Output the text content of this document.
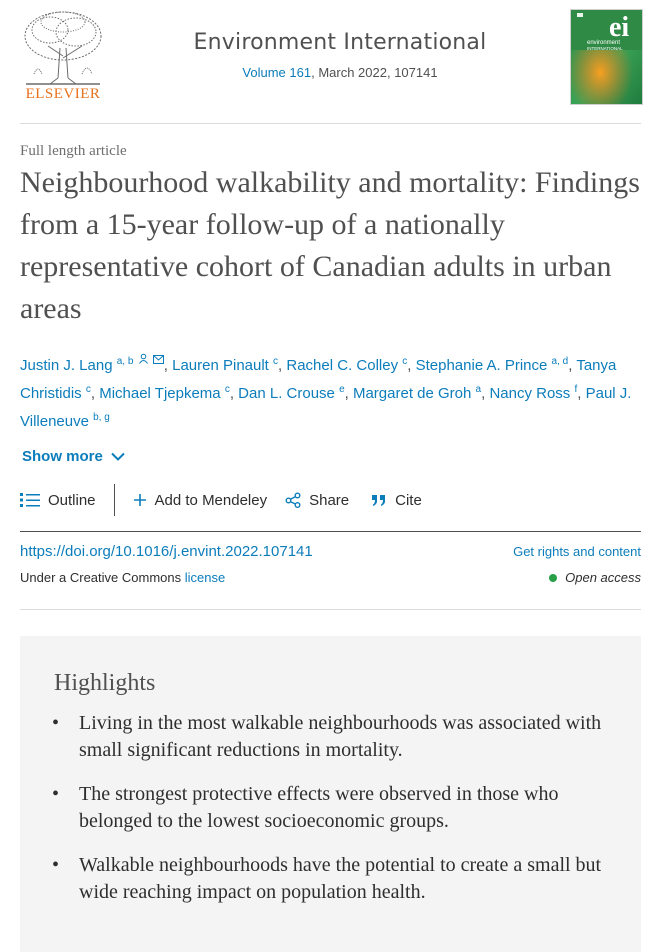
ELSEVIER
Environment International
Volume 161, March 2022, 107141
ei
environment
INTERNATIONAL
Full length article
Neighbourhood walkability and mortality: Findings from a 15-year follow-up of a nationally representative cohort of Canadian adults in urban areas
Justin J. Lang $^{a, b}$ , Lauren Pinault $^c$, Rachel C. Colley $^c$, Stephanie A. Prince $^{a, d}$, Tanya Christidis $^c$, Michael Tjepkema $^c$, Dan L. Crouse $^e$, Margaret de Groh $^a$, Nancy Ross $^f$, Paul J. Villeneuve $^{b, g}$
Show more
Outline	Add to Mendeley	Share	Cite
https://doi.org/10.1016/j.envint.2022.107141	Get rights and content
Under a Creative Commons license	Open access
Highlights
• Living in the most walkable neighbourhoods was associated with small significant reductions in mortality.
• The strongest protective effects were observed in those who belonged to the lowest socioeconomic groups.
• Walkable neighbourhoods have the potential to create a small but wide reaching impact on population health.
